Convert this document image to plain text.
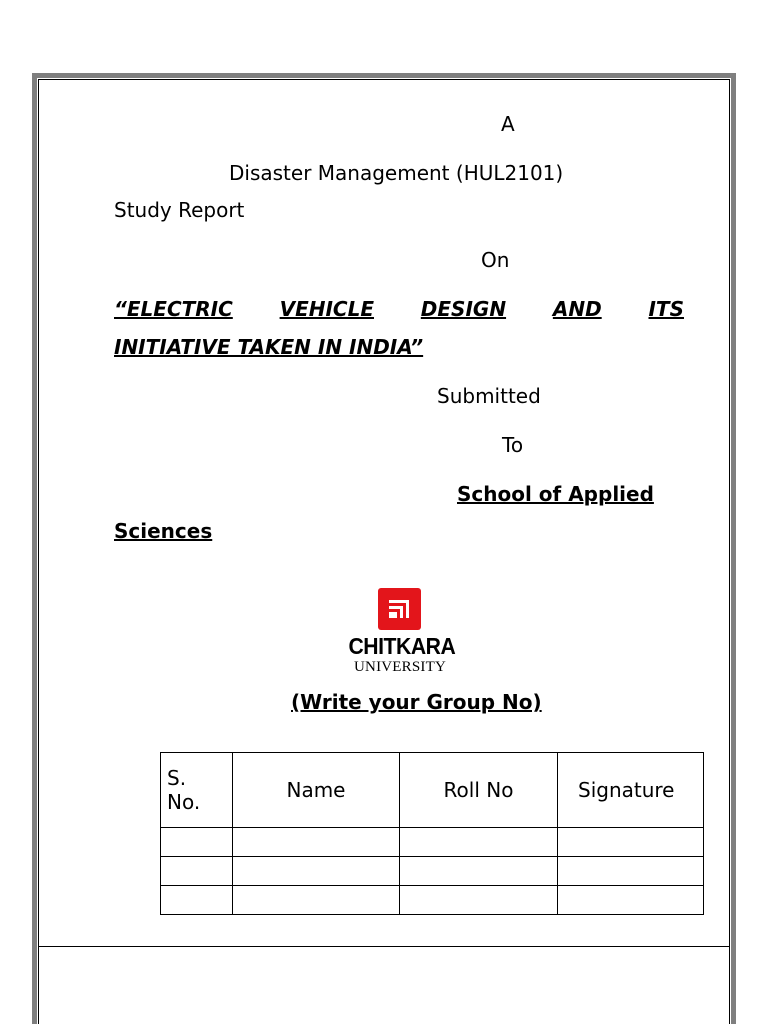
A
Disaster Management (HUL2101)
Study Report
On
“ELECTRIC VEHICLE DESIGN AND ITS
INITIATIVE TAKEN IN INDIA”
Submitted
To
School of Applied
Sciences
CHITKARA
UNIVERSITY
(Write your Group No)
S. No.	Name	Roll No	Signature
